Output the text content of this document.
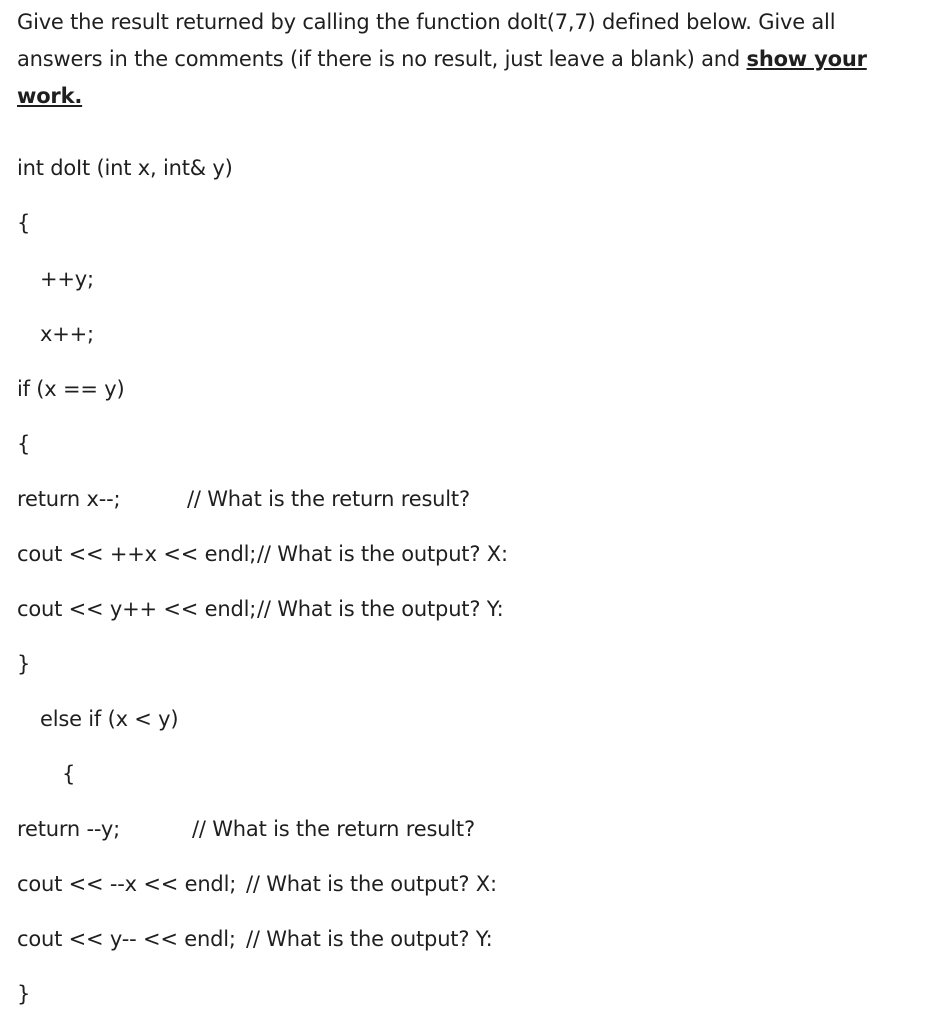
Give the result returned by calling the function doIt(7,7) defined below. Give all answers in the comments (if there is no result, just leave a blank) and show your work.
int doIt (int x, int& y)
{
++y;
x++;
if (x == y)
{
return x--;	// What is the return result?
cout << ++x << endl; // What is the output? X:
cout << y++ << endl; // What is the output? Y:
}
else if (x < y)
{
return --y;	// What is the return result?
cout << --x << endl; // What is the output? X:
cout << y-- << endl; // What is the output? Y:
}
